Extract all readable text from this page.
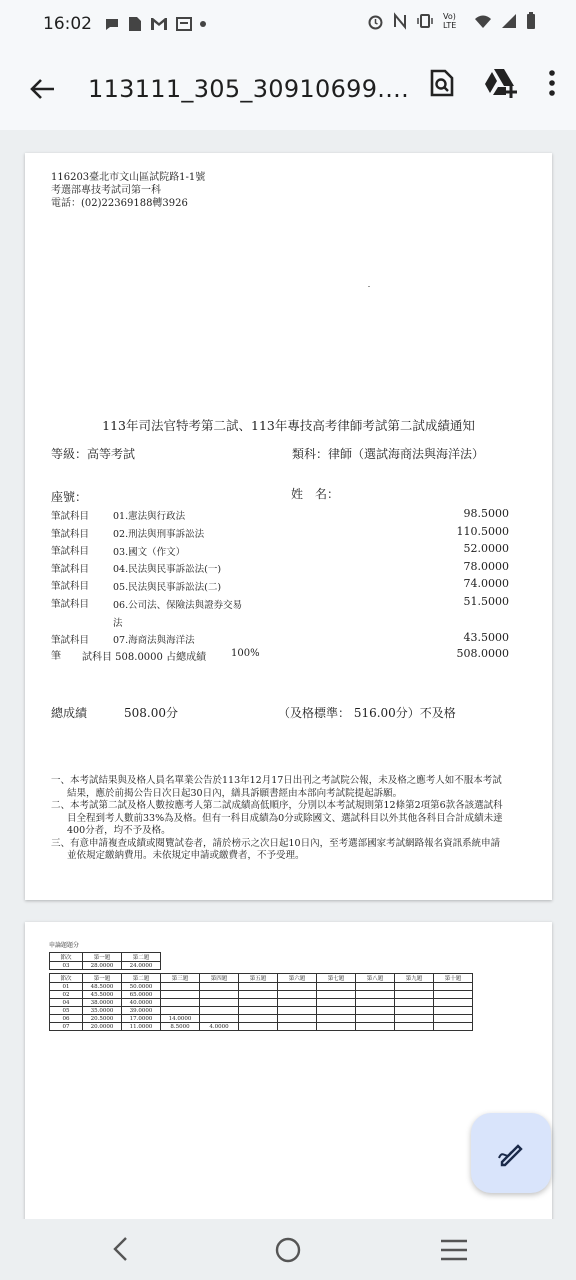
16:02	Vo) LTE
113111_305_30910699....
116203臺北市文山區試院路1-1號
考選部專技考試司第一科
電話：(02)22369188轉3926
113年司法官特考第二試、113年專技高考律師考試第二試成績通知
等級：高等考試	類科：律師（選試海商法與海洋法）
座號：	姓　名：
筆試科目	01.憲法與行政法	98.5000
筆試科目	02.刑法與刑事訴訟法	110.5000
筆試科目	03.國文（作文）	52.0000
筆試科目	04.民法與民事訴訟法(一)	78.0000
筆試科目	05.民法與民事訴訟法(二)	74.0000
筆試科目	06.公司法、保險法與證券交易	51.5000
法
筆試科目	07.海商法與海洋法	43.5000
筆 試科目 508.0000 占總成績 100%	508.0000
總成績	508.00分	（及格標準： 516.00分）不及格

一、本考試結果與及格人員名單業公告於113年12月17日出刊之考試院公報，未及格之應考人如不服本考試結果，應於前揭公告日次日起30日內，繕具訴願書經由本部向考試院提起訴願。

二、本考試第二試及格人數按應考人第二試成績高低順序，分別以本考試規則第12條第2項第6款各該選試科目全程到考人數前33%為及格。但有一科目成績為0分或除國文、選試科目以外其他各科目合計成績未達400分者，均不予及格。

三、有意申請複查成績或閱覽試卷者，請於榜示之次日起10日內，至考選部國家考試網路報名資訊系統申請並依規定繳納費用。未依規定申請或繳費者，不予受理。

申論題題分
節次	第一題	第二題
03	28.0000	24.0000
節次	第一題	第二題	第三題	第四題	第五題	第六題	第七題	第八題	第九題	第十題
01	48.5000	50.0000								
02	45.5000	65.0000								
04	38.0000	40.0000								
05	35.0000	39.0000								
06	20.5000	17.0000	14.0000							
07	20.0000	11.0000	8.5000	4.0000						
